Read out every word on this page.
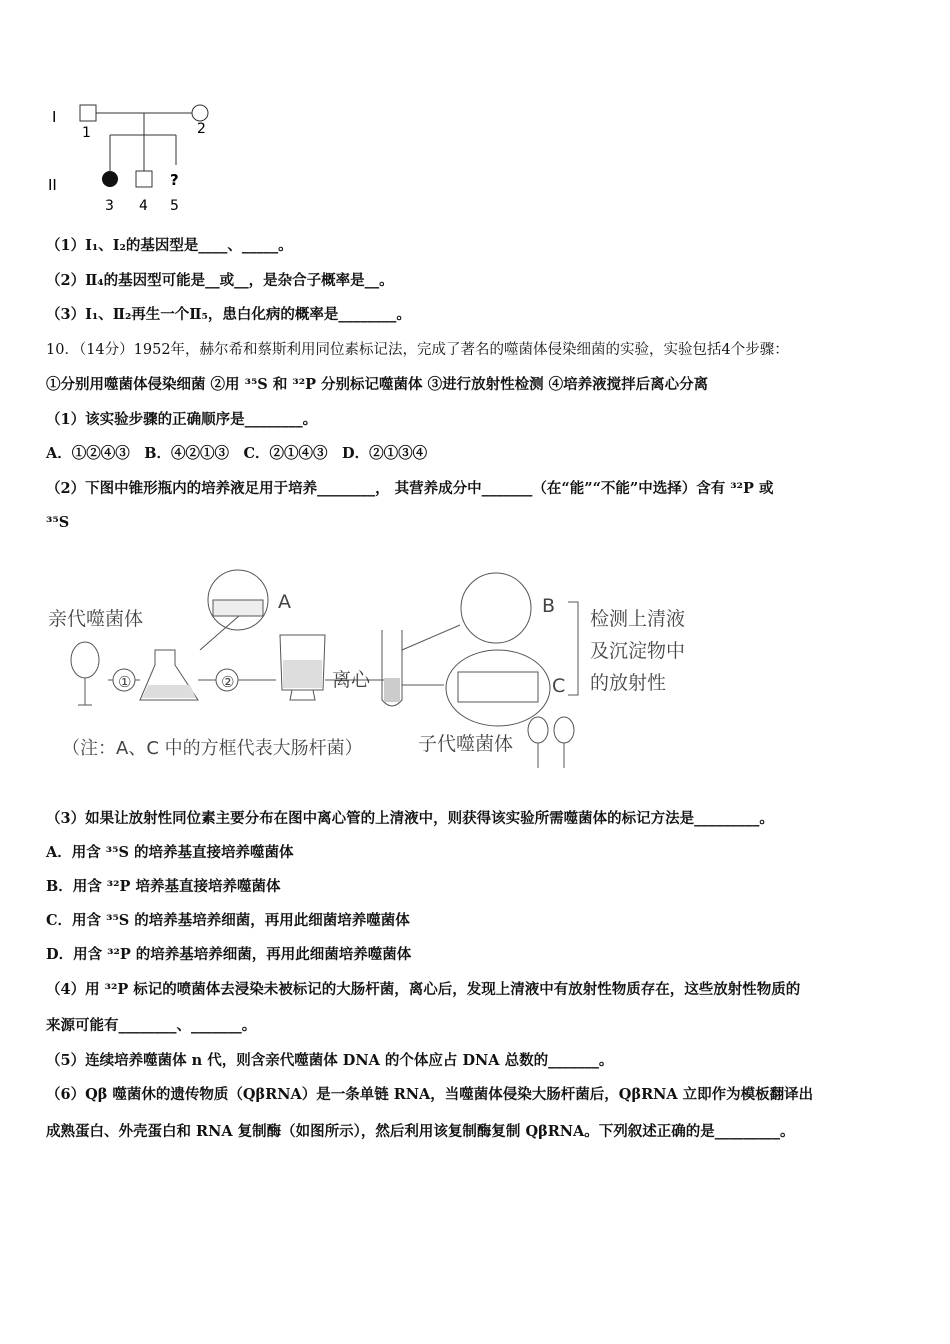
I
II	?
1	2
3 4 5
（1）Ⅰ₁、Ⅰ₂的基因型是____、_____。
（2）Ⅱ₄的基因型可能是__或__，是杂合子概率是__。
（3）Ⅰ₁、Ⅱ₂再生一个Ⅱ₅，患白化病的概率是________。
10．（14分）1952年，赫尔希和蔡斯利用同位素标记法，完成了著名的噬菌体侵染细菌的实验，实验包括4个步骤：
①分别用噬菌体侵染细菌 ②用 ³⁵S 和 ³²P 分别标记噬菌体 ③进行放射性检测 ④培养液搅拌后离心分离
（1）该实验步骤的正确顺序是________。
A．①②④③　B．④②①③　C．②①④③　D．②①③④
（2）下图中锥形瓶内的培养液足用于培养________， 其营养成分中_______（在“能”“不能”中选择）含有 ³²P 或
³⁵S
亲代噬菌体
①	②
A
离心
B
C
检测上清液
及沉淀物中
的放射性
子代噬菌体
（注：A、C 中的方框代表大肠杆菌）
（3）如果让放射性同位素主要分布在图中离心管的上清液中，则获得该实验所需噬菌体的标记方法是_________。
A．用含 ³⁵S 的培养基直接培养噬菌体
B．用含 ³²P 培养基直接培养噬菌体
C．用含 ³⁵S 的培养基培养细菌，再用此细菌培养噬菌体
D．用含 ³²P 的培养基培养细菌，再用此细菌培养噬菌体
（4）用 ³²P 标记的喷菌体去浸染未被标记的大肠杆菌，离心后，发现上清液中有放射性物质存在，这些放射性物质的
来源可能有________、_______。
（5）连续培养噬菌体 n 代，则含亲代噬菌体 DNA 的个体应占 DNA 总数的_______。
（6）Qβ 噬菌休的遗传物质（QβRNA）是一条单链 RNA，当噬菌体侵染大肠杆菌后，QβRNA 立即作为模板翻译出
成熟蛋白、外壳蛋白和 RNA 复制酶（如图所示），然后利用该复制酶复制 QβRNA。下列叙述正确的是_________。
